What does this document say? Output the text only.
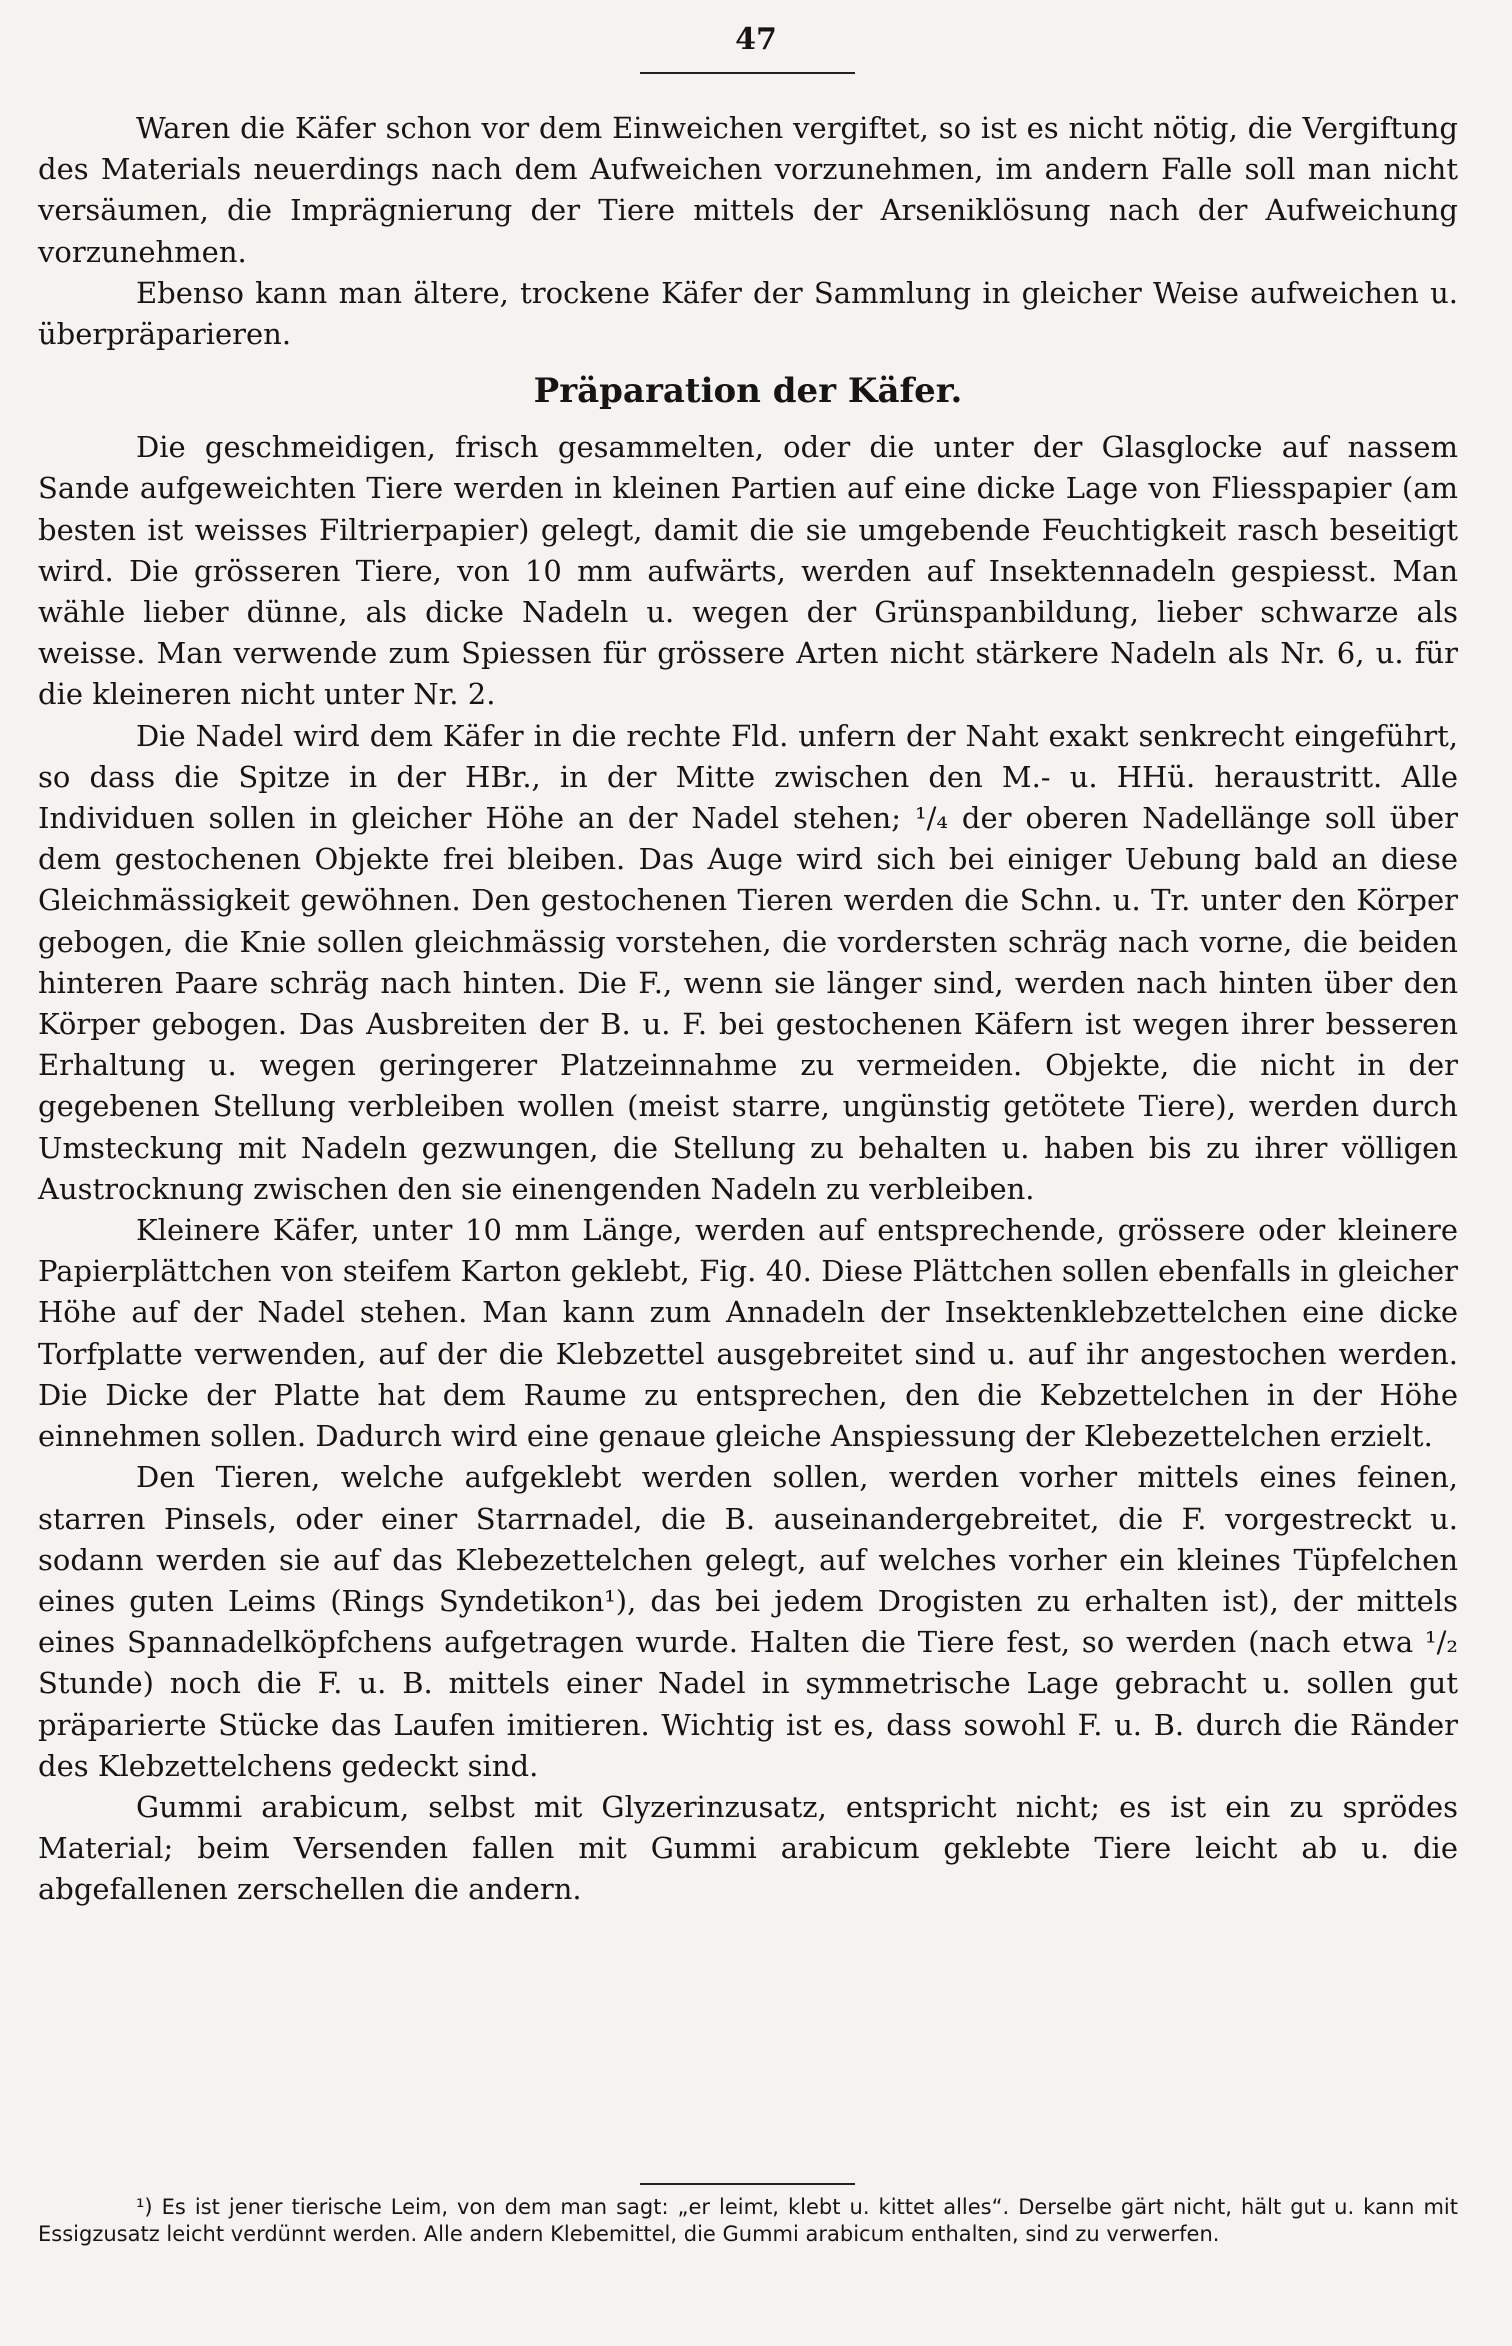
47

Waren die Käfer schon vor dem Einweichen vergiftet, so ist es nicht nötig, die Vergiftung des Materials neuerdings nach dem Aufweichen vorzunehmen, im andern Falle soll man nicht versäumen, die Imprägnierung der Tiere mittels der Arseniklösung nach der Aufweichung vorzunehmen.

Ebenso kann man ältere, trockene Käfer der Sammlung in gleicher Weise aufweichen u. überpräparieren.

Präparation der Käfer.

Die geschmeidigen, frisch gesammelten, oder die unter der Glasglocke auf nassem Sande aufgeweichten Tiere werden in kleinen Partien auf eine dicke Lage von Fliesspapier (am besten ist weisses Filtrierpapier) gelegt, damit die sie umgebende Feuchtigkeit rasch beseitigt wird. Die grösseren Tiere, von 10 mm aufwärts, werden auf Insektennadeln gespiesst. Man wähle lieber dünne, als dicke Nadeln u. wegen der Grünspanbildung, lieber schwarze als weisse. Man verwende zum Spiessen für grössere Arten nicht stärkere Nadeln als Nr. 6, u. für die kleineren nicht unter Nr. 2.

Die Nadel wird dem Käfer in die rechte Fld. unfern der Naht exakt senkrecht eingeführt, so dass die Spitze in der HBr., in der Mitte zwischen den M.- u. HHü. heraustritt. Alle Individuen sollen in gleicher Höhe an der Nadel stehen; ¹/₄ der oberen Nadellänge soll über dem gestochenen Objekte frei bleiben. Das Auge wird sich bei einiger Uebung bald an diese Gleichmässigkeit gewöhnen. Den gestochenen Tieren werden die Schn. u. Tr. unter den Körper gebogen, die Knie sollen gleichmässig vorstehen, die vordersten schräg nach vorne, die beiden hinteren Paare schräg nach hinten. Die F., wenn sie länger sind, werden nach hinten über den Körper gebogen. Das Ausbreiten der B. u. F. bei gestochenen Käfern ist wegen ihrer besseren Erhaltung u. wegen geringerer Platzeinnahme zu vermeiden. Objekte, die nicht in der gegebenen Stellung verbleiben wollen (meist starre, ungünstig getötete Tiere), werden durch Umsteckung mit Nadeln gezwungen, die Stellung zu behalten u. haben bis zu ihrer völligen Austrocknung zwischen den sie einengenden Nadeln zu verbleiben.

Kleinere Käfer, unter 10 mm Länge, werden auf entsprechende, grössere oder kleinere Papierplättchen von steifem Karton geklebt, Fig. 40. Diese Plättchen sollen ebenfalls in gleicher Höhe auf der Nadel stehen. Man kann zum Annadeln der Insektenklebzettelchen eine dicke Torfplatte verwenden, auf der die Klebzettel ausgebreitet sind u. auf ihr angestochen werden. Die Dicke der Platte hat dem Raume zu entsprechen, den die Kebzettelchen in der Höhe einnehmen sollen. Dadurch wird eine genaue gleiche Anspiessung der Klebezettelchen erzielt.

Den Tieren, welche aufgeklebt werden sollen, werden vorher mittels eines feinen, starren Pinsels, oder einer Starrnadel, die B. auseinandergebreitet, die F. vorgestreckt u. sodann werden sie auf das Klebezettelchen gelegt, auf welches vorher ein kleines Tüpfelchen eines guten Leims (Rings Syndetikon¹), das bei jedem Drogisten zu erhalten ist), der mittels eines Spannadelköpfchens aufgetragen wurde. Halten die Tiere fest, so werden (nach etwa ¹/₂ Stunde) noch die F. u. B. mittels einer Nadel in symmetrische Lage gebracht u. sollen gut präparierte Stücke das Laufen imitieren. Wichtig ist es, dass sowohl F. u. B. durch die Ränder des Klebzettelchens gedeckt sind.

Gummi arabicum, selbst mit Glyzerinzusatz, entspricht nicht; es ist ein zu sprödes Material; beim Versenden fallen mit Gummi arabicum geklebte Tiere leicht ab u. die abgefallenen zerschellen die andern.

¹) Es ist jener tierische Leim, von dem man sagt: „er leimt, klebt u. kittet alles“. Derselbe gärt nicht, hält gut u. kann mit Essigzusatz leicht verdünnt werden. Alle andern Klebemittel, die Gummi arabicum enthalten, sind zu verwerfen.
